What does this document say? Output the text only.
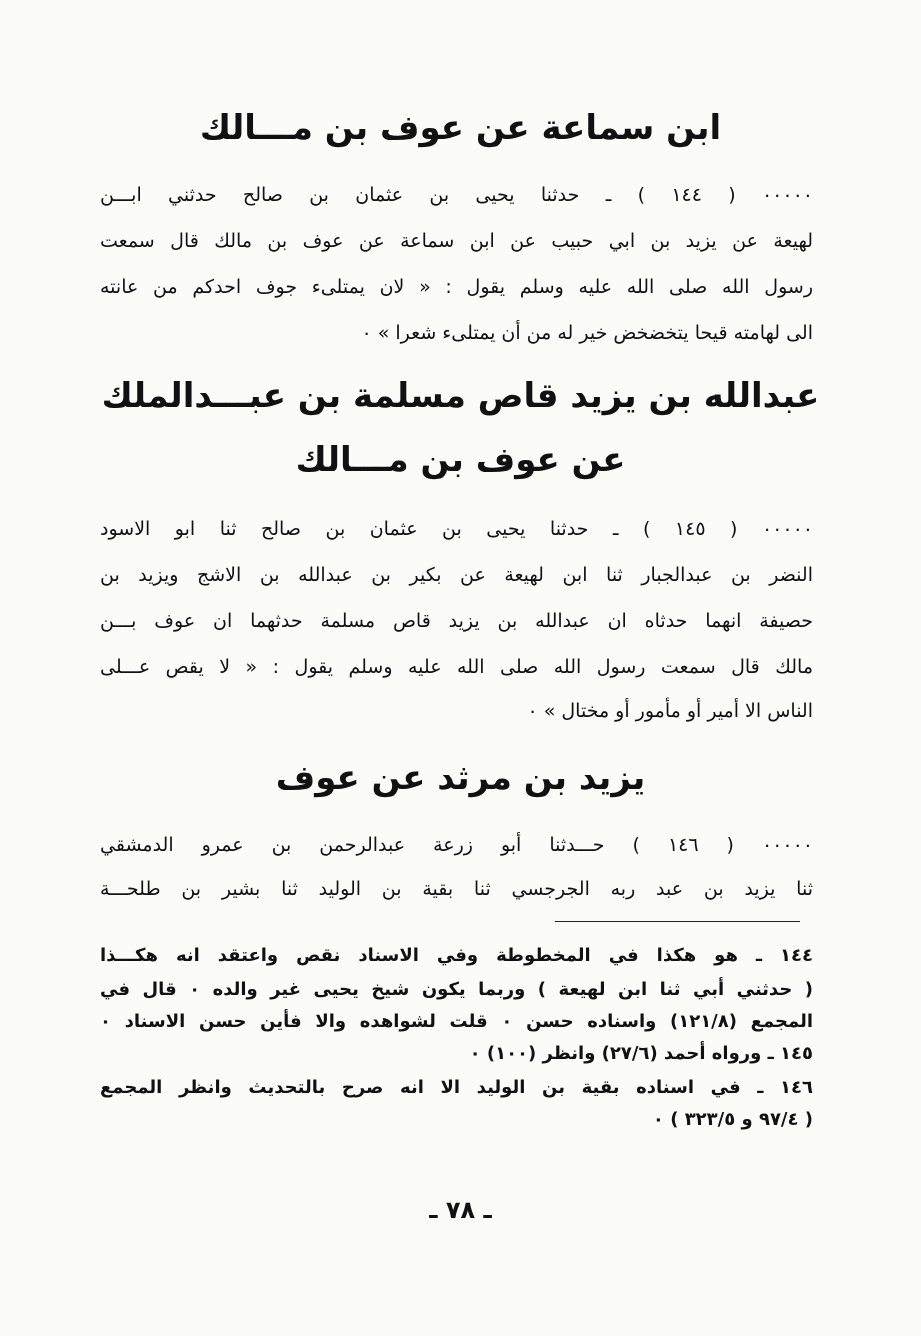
ابن سماعة عن عوف بن مـــالك
٠٠٠٠٠ ( ١٤٤ ) ـ حدثنا يحيى بن عثمان بن صالح حدثني ابـــن
لهيعة عن يزيد بن ابي حبيب عن ابن سماعة عن عوف بن مالك قال سمعت
رسول الله صلى الله عليه وسلم يقول : « لان يمتلىء جوف احدكم من عانته
الى لهامته قيحا يتخضخض خير له من أن يمتلىء شعرا » ٠
عبدالله بن يزيد قاص مسلمة بن عبـــدالملك
عن عوف بن مـــالك
٠٠٠٠٠ ( ١٤٥ ) ـ حدثنا يحيى بن عثمان بن صالح ثنا ابو الاسود
النضر بن عبدالجبار ثنا ابن لهيعة عن بكير بن عبدالله بن الاشج ويزيد بن
حصيفة انهما حدثاه ان عبدالله بن يزيد قاص مسلمة حدثهما ان عوف بـــن
مالك قال سمعت رسول الله صلى الله عليه وسلم يقول : « لا يقص عـــلى
الناس الا أمير أو مأمور أو مختال » ٠
يزيد بن مرثد عن عوف
٠٠٠٠٠ ( ١٤٦ ) حـــدثنا أبو زرعة عبدالرحمن بن عمرو الدمشقي
ثنا يزيد بن عبد ربه الجرجسي ثنا بقية بن الوليد ثنا بشير بن طلحـــة
١٤٤ ـ هو هكذا في المخطوطة وفي الاسناد نقص واعتقد انه هكـــذا
( حدثني أبي ثنا ابن لهيعة ) وربما يكون شيخ يحيى غير والده ٠ قال في
المجمع (١٢١/٨) واسناده حسن ٠ قلت لشواهده والا فأين حسن الاسناد ٠
١٤٥ ـ ورواه أحمد (٢٧/٦) وانظر (١٠٠) ٠
١٤٦ ـ في اسناده بقية بن الوليد الا انه صرح بالتحديث وانظر المجمع
( ٩٧/٤ و ٣٢٣/٥ ) ٠
ـ ٧٨ ـ
